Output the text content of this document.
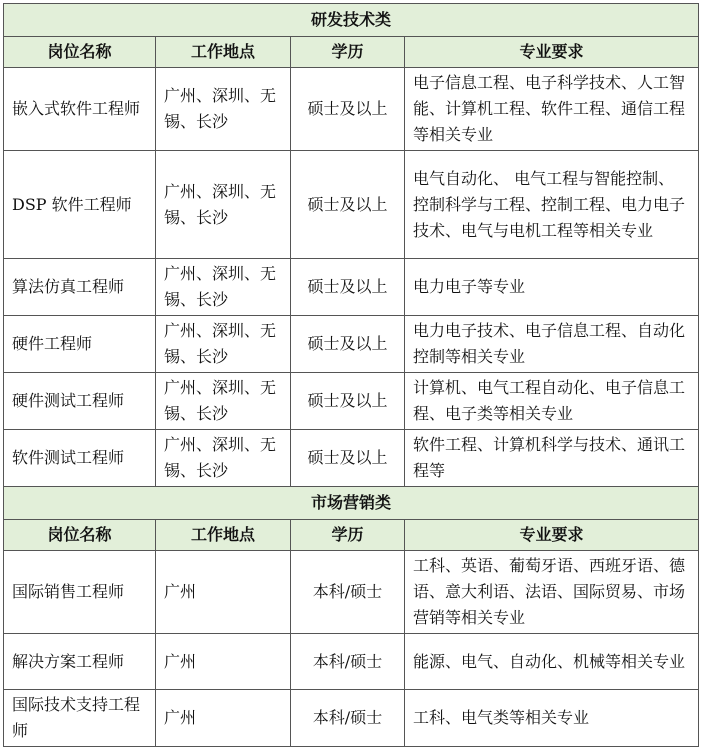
研发技术类			
岗位名称	工作地点	学历	专业要求
嵌入式软件工程师	广州、深圳、无锡、长沙	硕士及以上	电子信息工程、电子科学技术、人工智能、计算机工程、软件工程、通信工程等相关专业
DSP 软件工程师	广州、深圳、无锡、长沙	硕士及以上	电气自动化、 电气工程与智能控制、控制科学与工程、控制工程、电力电子技术、电气与电机工程等相关专业
算法仿真工程师	广州、深圳、无锡、长沙	硕士及以上	电力电子等专业
硬件工程师	广州、深圳、无锡、长沙	硕士及以上	电力电子技术、电子信息工程、自动化控制等相关专业
硬件测试工程师	广州、深圳、无锡、长沙	硕士及以上	计算机、电气工程自动化、电子信息工程、电子类等相关专业
软件测试工程师	广州、深圳、无锡、长沙	硕士及以上	软件工程、计算机科学与技术、通讯工程等
市场营销类			
岗位名称	工作地点	学历	专业要求
国际销售工程师	广州	本科/硕士	工科、英语、葡萄牙语、西班牙语、德语、意大利语、法语、国际贸易、市场营销等相关专业
解决方案工程师	广州	本科/硕士	能源、电气、自动化、机械等相关专业
国际技术支持工程师	广州	本科/硕士	工科、电气类等相关专业
